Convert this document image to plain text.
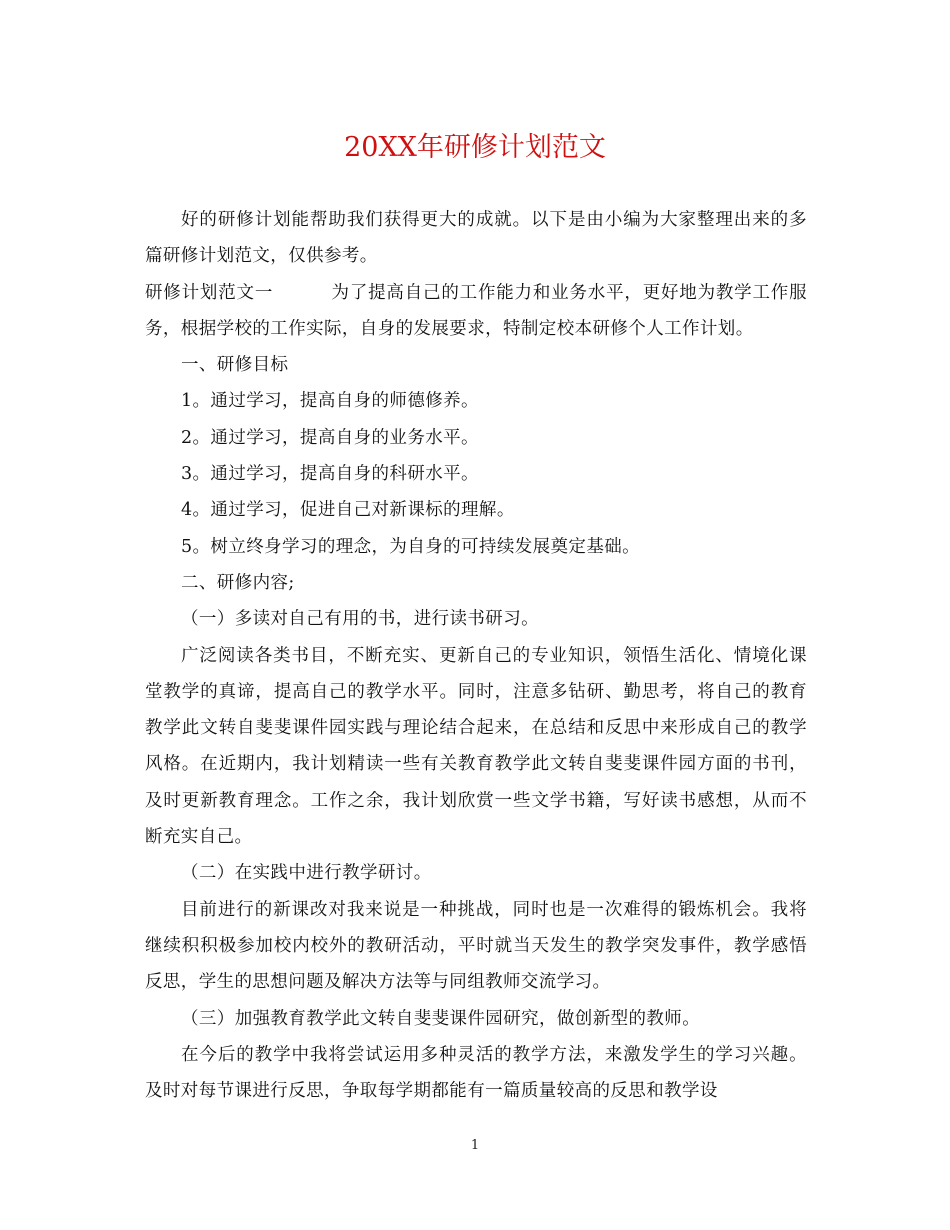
20XX年研修计划范文

好的研修计划能帮助我们获得更大的成就。以下是由小编为大家整理出来的多篇研修计划范文，仅供参考。

研修计划范文一	为了提高自己的工作能力和业务水平，更好地为教学工作服务，根据学校的工作实际，自身的发展要求，特制定校本研修个人工作计划。

一、研修目标

1。通过学习，提高自身的师德修养。

2。通过学习，提高自身的业务水平。

3。通过学习，提高自身的科研水平。

4。通过学习，促进自己对新课标的理解。

5。树立终身学习的理念，为自身的可持续发展奠定基础。

二、研修内容;

（一）多读对自己有用的书，进行读书研习。

广泛阅读各类书目，不断充实、更新自己的专业知识，领悟生活化、情境化课堂教学的真谛，提高自己的教学水平。同时，注意多钻研、勤思考，将自己的教育教学此文转自斐斐课件园实践与理论结合起来，在总结和反思中来形成自己的教学风格。在近期内，我计划精读一些有关教育教学此文转自斐斐课件园方面的书刊，及时更新教育理念。工作之余，我计划欣赏一些文学书籍，写好读书感想，从而不断充实自己。

（二）在实践中进行教学研讨。

目前进行的新课改对我来说是一种挑战，同时也是一次难得的锻炼机会。我将继续积积极参加校内校外的教研活动，平时就当天发生的教学突发事件，教学感悟反思，学生的思想问题及解决方法等与同组教师交流学习。

（三）加强教育教学此文转自斐斐课件园研究，做创新型的教师。

在今后的教学中我将尝试运用多种灵活的教学方法，来激发学生的学习兴趣。及时对每节课进行反思，争取每学期都能有一篇质量较高的反思和教学设

1
